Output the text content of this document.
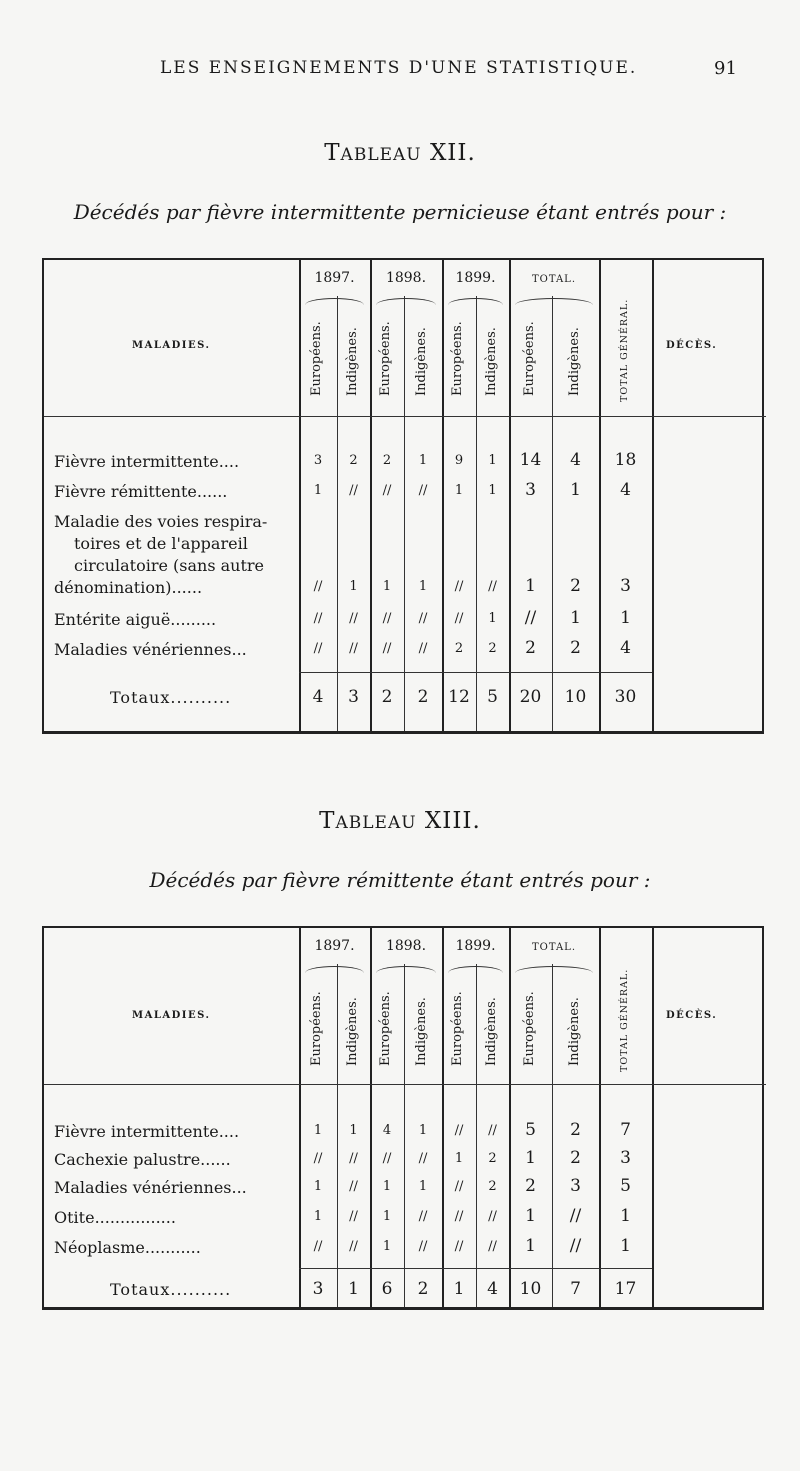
LES ENSEIGNEMENTS D'UNE STATISTIQUE.	91
TABLEAU XII.
Décédés par fièvre intermittente pernicieuse étant entrés pour :
1897.	1898.	1899.	TOTAL.
MALADIES.	DÉCÈS.
Européens. Indigènes. Européens. Indigènes. Européens. Indigènes. Européens. Indigènes.	TOTAL GÉNÉRAL.
Fièvre intermittente....	3	2	2	1	9	1	14	4	18
Fièvre rémittente......	1	//	//	//	1	1	3	1	4
Maladie des voies respira-
toires et de l'appareil
circulatoire (sans autre
dénomination)......	//	1	1	1	//	//	1	2	3
Entérite aiguë.........	//	//	//	//	//	1	//	1	1
Maladies vénériennes...	//	//	//	//	2	2	2	2	4
Totaux..........	4	3	2	2	12	5	20 10 30
TABLEAU XIII.
Décédés par fièvre rémittente étant entrés pour :
1897.	1898.	1899.	TOTAL.
MALADIES.	DÉCÈS.
Européens. Indigènes. Européens. Indigènes. Européens. Indigènes. Européens. Indigènes.	TOTAL GÉNÉRAL.
Fièvre intermittente....	1	1	4	1	//	//	5	2	7
Cachexie palustre......	//	//	//	//	1	2	1	2	3
Maladies vénériennes...	1	//	1	1	//	2	2	3	5
Otite................	1	//	1	//	//	//	1	//	1
Néoplasme...........	//	//	1	//	//	//	1	//	1
Totaux..........	3	1	6	2	1	4	10	7	17
